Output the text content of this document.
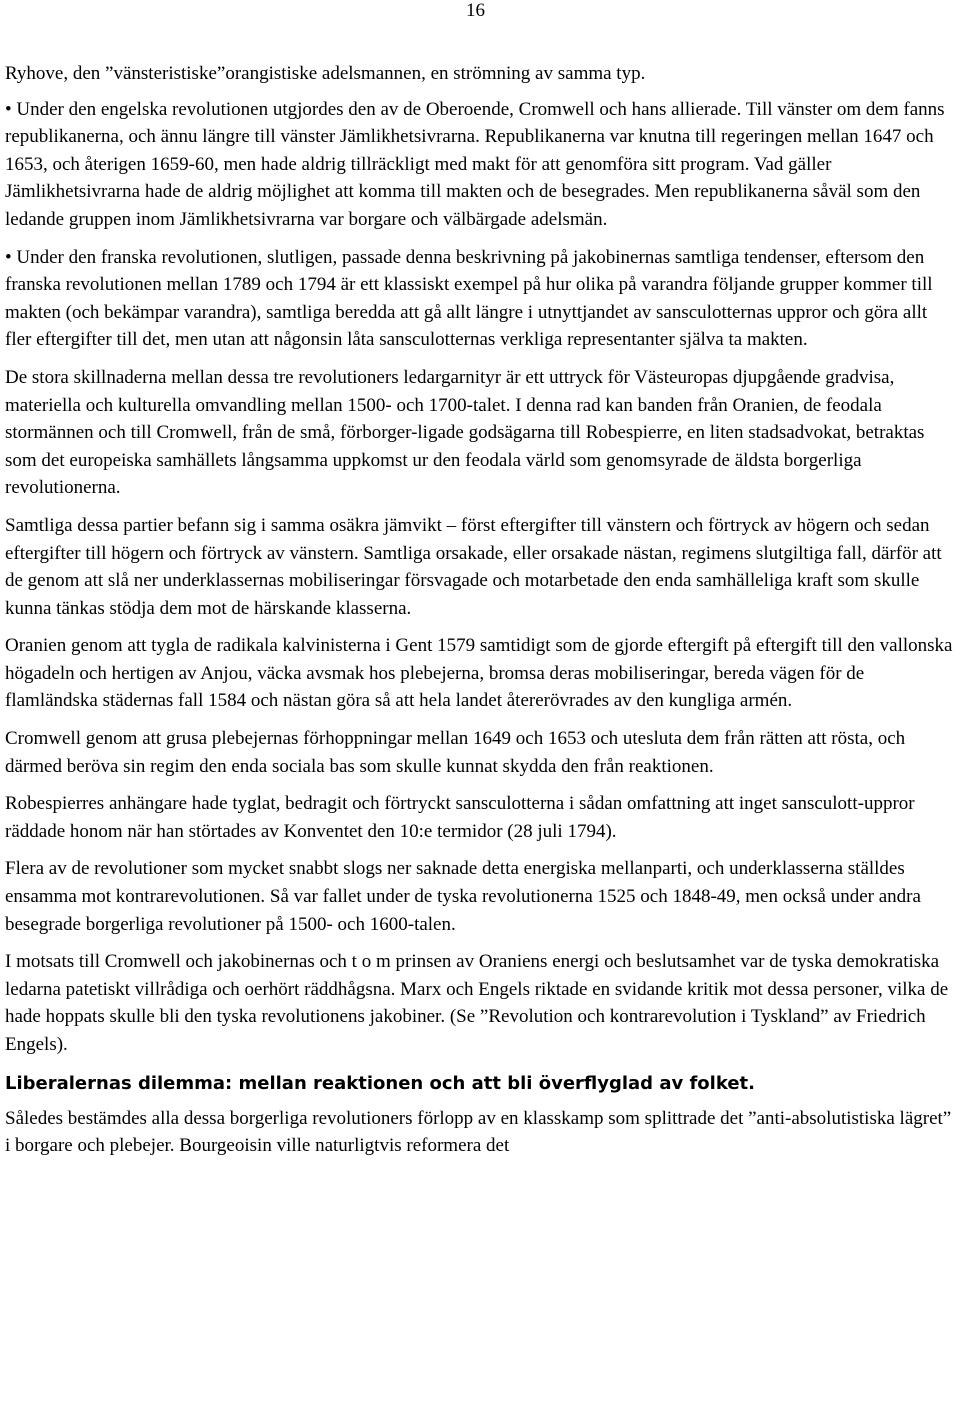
16

Ryhove, den ”vänsteristiske”orangistiske adelsmannen, en strömning av samma typ.

• Under den engelska revolutionen utgjordes den av de Oberoende, Cromwell och hans allierade. Till vänster om dem fanns republikanerna, och ännu längre till vänster Jämlikhetsivrarna. Republikanerna var knutna till regeringen mellan 1647 och 1653, och återigen 1659-60, men hade aldrig tillräckligt med makt för att genomföra sitt program. Vad gäller Jämlikhetsivrarna hade de aldrig möjlighet att komma till makten och de besegrades. Men republikanerna såväl som den ledande gruppen inom Jämlikhetsivrarna var borgare och välbärgade adelsmän.

• Under den franska revolutionen, slutligen, passade denna beskrivning på jakobinernas samtliga tendenser, eftersom den franska revolutionen mellan 1789 och 1794 är ett klassiskt exempel på hur olika på varandra följande grupper kommer till makten (och bekämpar varandra), samtliga beredda att gå allt längre i utnyttjandet av sansculotternas uppror och göra allt fler eftergifter till det, men utan att någonsin låta sansculotternas verkliga representanter själva ta makten.

De stora skillnaderna mellan dessa tre revolutioners ledargarnityr är ett uttryck för Västeuropas djupgående gradvisa, materiella och kulturella omvandling mellan 1500- och 1700-talet. I denna rad kan banden från Oranien, de feodala stormännen och till Cromwell, från de små, förborger-ligade godsägarna till Robespierre, en liten stadsadvokat, betraktas som det europeiska samhällets långsamma uppkomst ur den feodala värld som genomsyrade de äldsta borgerliga revolutionerna.

Samtliga dessa partier befann sig i samma osäkra jämvikt – först eftergifter till vänstern och förtryck av högern och sedan eftergifter till högern och förtryck av vänstern. Samtliga orsakade, eller orsakade nästan, regimens slutgiltiga fall, därför att de genom att slå ner underklassernas mobiliseringar försvagade och motarbetade den enda samhälleliga kraft som skulle kunna tänkas stödja dem mot de härskande klasserna.

Oranien genom att tygla de radikala kalvinisterna i Gent 1579 samtidigt som de gjorde eftergift på eftergift till den vallonska högadeln och hertigen av Anjou, väcka avsmak hos plebejerna, bromsa deras mobiliseringar, bereda vägen för de flamländska städernas fall 1584 och nästan göra så att hela landet återerövrades av den kungliga armén.

Cromwell genom att grusa plebejernas förhoppningar mellan 1649 och 1653 och utesluta dem från rätten att rösta, och därmed beröva sin regim den enda sociala bas som skulle kunnat skydda den från reaktionen.

Robespierres anhängare hade tyglat, bedragit och förtryckt sansculotterna i sådan omfattning att inget sansculott-uppror räddade honom när han störtades av Konventet den 10:e termidor (28 juli 1794).

Flera av de revolutioner som mycket snabbt slogs ner saknade detta energiska mellanparti, och underklasserna ställdes ensamma mot kontrarevolutionen. Så var fallet under de tyska revolutionerna 1525 och 1848-49, men också under andra besegrade borgerliga revolutioner på 1500- och 1600-talen.

I motsats till Cromwell och jakobinernas och t o m prinsen av Oraniens energi och beslutsamhet var de tyska demokratiska ledarna patetiskt villrådiga och oerhört räddhågsna. Marx och Engels riktade en svidande kritik mot dessa personer, vilka de hade hoppats skulle bli den tyska revolutionens jakobiner. (Se ”Revolution och kontrarevolution i Tyskland” av Friedrich Engels).

Liberalernas dilemma: mellan reaktionen och att bli överflyglad av folket.

Således bestämdes alla dessa borgerliga revolutioners förlopp av en klasskamp som splittrade det ”anti-absolutistiska lägret” i borgare och plebejer. Bourgeoisin ville naturligtvis reformera det
